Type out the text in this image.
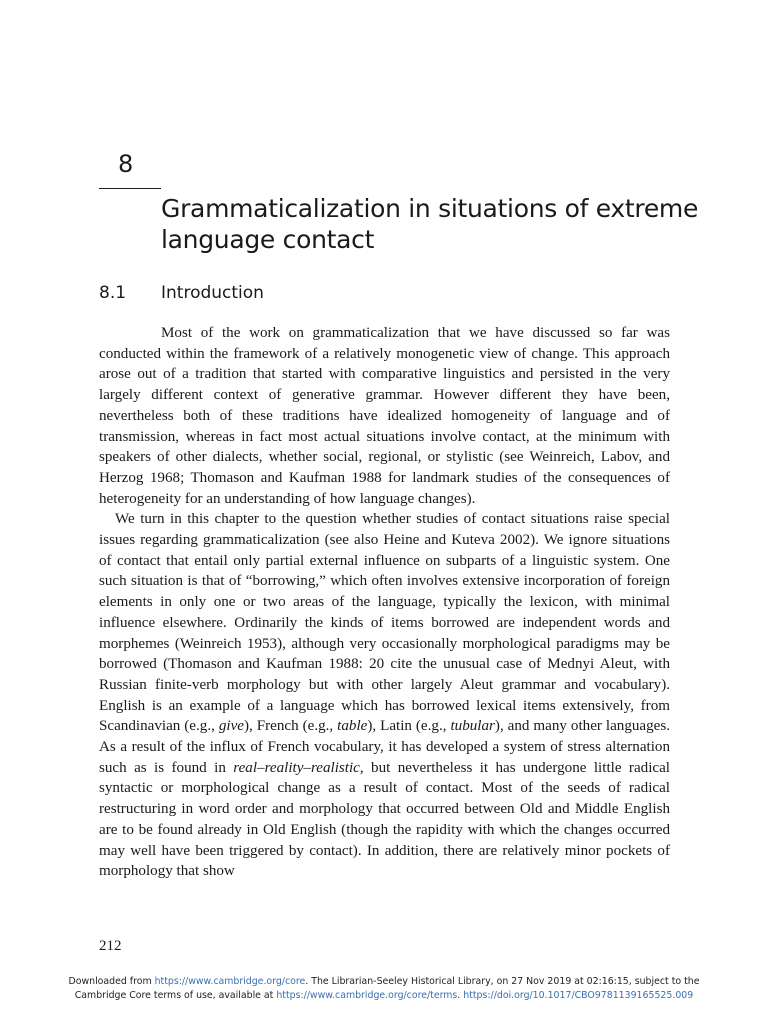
8
Grammaticalization in situations of extreme language contact
8.1 Introduction

Most of the work on grammaticalization that we have discussed so far was conducted within the framework of a relatively monogenetic view of change. This approach arose out of a tradition that started with comparative linguistics and persisted in the very largely different context of generative grammar. However different they have been, nevertheless both of these traditions have idealized homogeneity of language and of transmission, whereas in fact most actual situations involve contact, at the minimum with speakers of other dialects, whether social, regional, or stylistic (see Weinreich, Labov, and Herzog 1968; Thomason and Kaufman 1988 for landmark studies of the consequences of heterogeneity for an understanding of how language changes).

We turn in this chapter to the question whether studies of contact situations raise special issues regarding grammaticalization (see also Heine and Kuteva 2002). We ignore situations of contact that entail only partial external influence on subparts of a linguistic system. One such situation is that of “borrowing,” which often involves extensive incorporation of foreign elements in only one or two areas of the language, typically the lexicon, with minimal influence elsewhere. Ordinarily the kinds of items borrowed are independent words and morphemes (Weinreich 1953), although very occasionally morphological paradigms may be borrowed (Thomason and Kaufman 1988: 20 cite the unusual case of Mednyi Aleut, with Russian finite-verb morphology but with other largely Aleut grammar and vocabulary). English is an example of a language which has borrowed lexical items extensively, from Scandinavian (e.g., give), French (e.g., table), Latin (e.g., tubular), and many other languages. As a result of the influx of French vocabulary, it has developed a system of stress alternation such as is found in real–reality–realistic, but nevertheless it has undergone little radical syntactic or morphological change as a result of contact. Most of the seeds of radical restructuring in word order and morphology that occurred between Old and Middle English are to be found already in Old English (though the rapidity with which the changes occurred may well have been triggered by contact). In addition, there are relatively minor pockets of morphology that show

212
Downloaded from https://www.cambridge.org/core. The Librarian-Seeley Historical Library, on 27 Nov 2019 at 02:16:15, subject to the
Cambridge Core terms of use, available at https://www.cambridge.org/core/terms. https://doi.org/10.1017/CBO9781139165525.009
